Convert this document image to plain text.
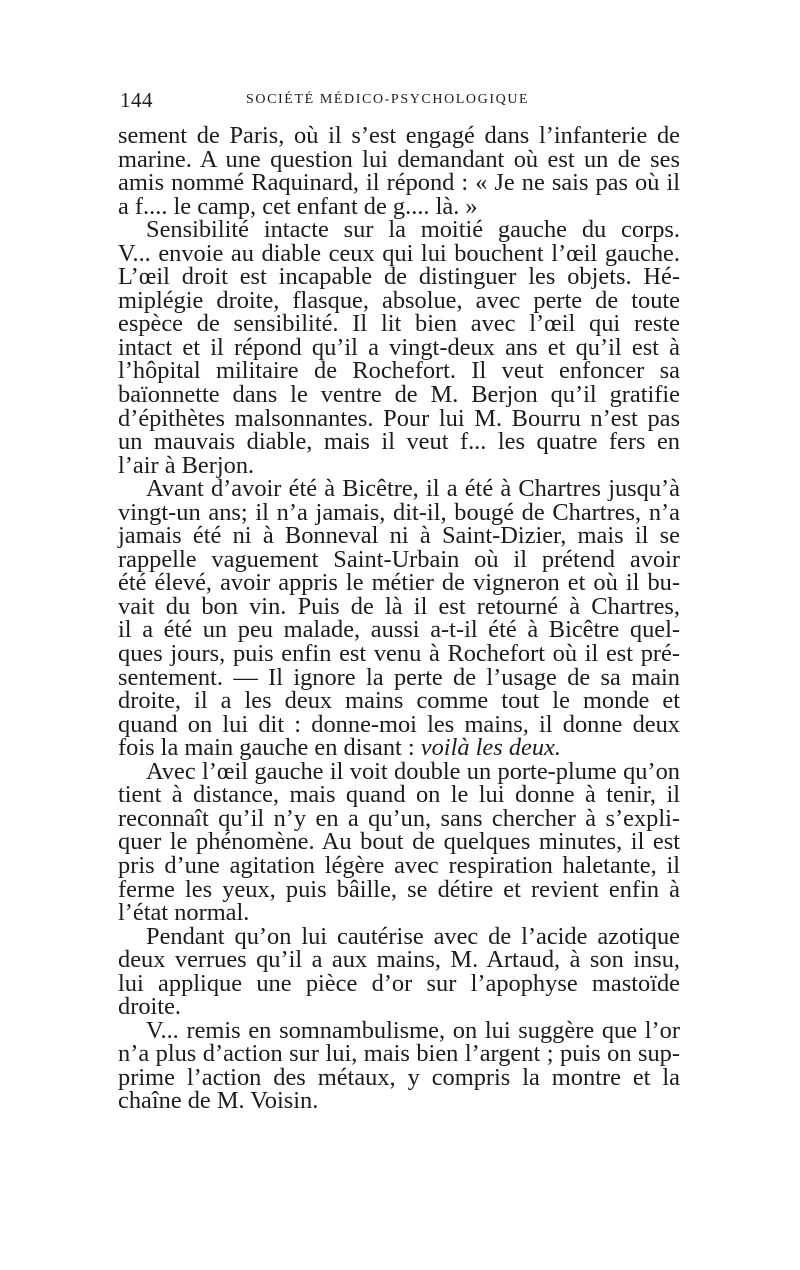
144	SOCIÉTÉ MÉDICO-PSYCHOLOGIQUE
sement de Paris, où il s’est engagé dans l’infanterie de
marine. A une question lui demandant où est un de ses
amis nommé Raquinard, il répond : « Je ne sais pas où il
a f.... le camp, cet enfant de g.... là. »
Sensibilité intacte sur la moitié gauche du corps.
V... envoie au diable ceux qui lui bouchent l’œil gauche.
L’œil droit est incapable de distinguer les objets. Hé-
miplégie droite, flasque, absolue, avec perte de toute
espèce de sensibilité. Il lit bien avec l’œil qui reste
intact et il répond qu’il a vingt-deux ans et qu’il est à
l’hôpital militaire de Rochefort. Il veut enfoncer sa
baïonnette dans le ventre de M. Berjon qu’il gratifie
d’épithètes malsonnantes. Pour lui M. Bourru n’est pas
un mauvais diable, mais il veut f... les quatre fers en
l’air à Berjon.
Avant d’avoir été à Bicêtre, il a été à Chartres jusqu’à
vingt-un ans; il n’a jamais, dit-il, bougé de Chartres, n’a
jamais été ni à Bonneval ni à Saint-Dizier, mais il se
rappelle vaguement Saint-Urbain où il prétend avoir
été élevé, avoir appris le métier de vigneron et où il bu-
vait du bon vin. Puis de là il est retourné à Chartres,
il a été un peu malade, aussi a-t-il été à Bicêtre quel-
ques jours, puis enfin est venu à Rochefort où il est pré-
sentement. — Il ignore la perte de l’usage de sa main
droite, il a les deux mains comme tout le monde et
quand on lui dit : donne-moi les mains, il donne deux
fois la main gauche en disant : voilà les deux.
Avec l’œil gauche il voit double un porte-plume qu’on
tient à distance, mais quand on le lui donne à tenir, il
reconnaît qu’il n’y en a qu’un, sans chercher à s’expli-
quer le phénomène. Au bout de quelques minutes, il est
pris d’une agitation légère avec respiration haletante, il
ferme les yeux, puis bâille, se détire et revient enfin à
l’état normal.
Pendant qu’on lui cautérise avec de l’acide azotique
deux verrues qu’il a aux mains, M. Artaud, à son insu,
lui applique une pièce d’or sur l’apophyse mastoïde
droite.
V... remis en somnambulisme, on lui suggère que l’or
n’a plus d’action sur lui, mais bien l’argent ; puis on sup-
prime l’action des métaux, y compris la montre et la
chaîne de M. Voisin.
